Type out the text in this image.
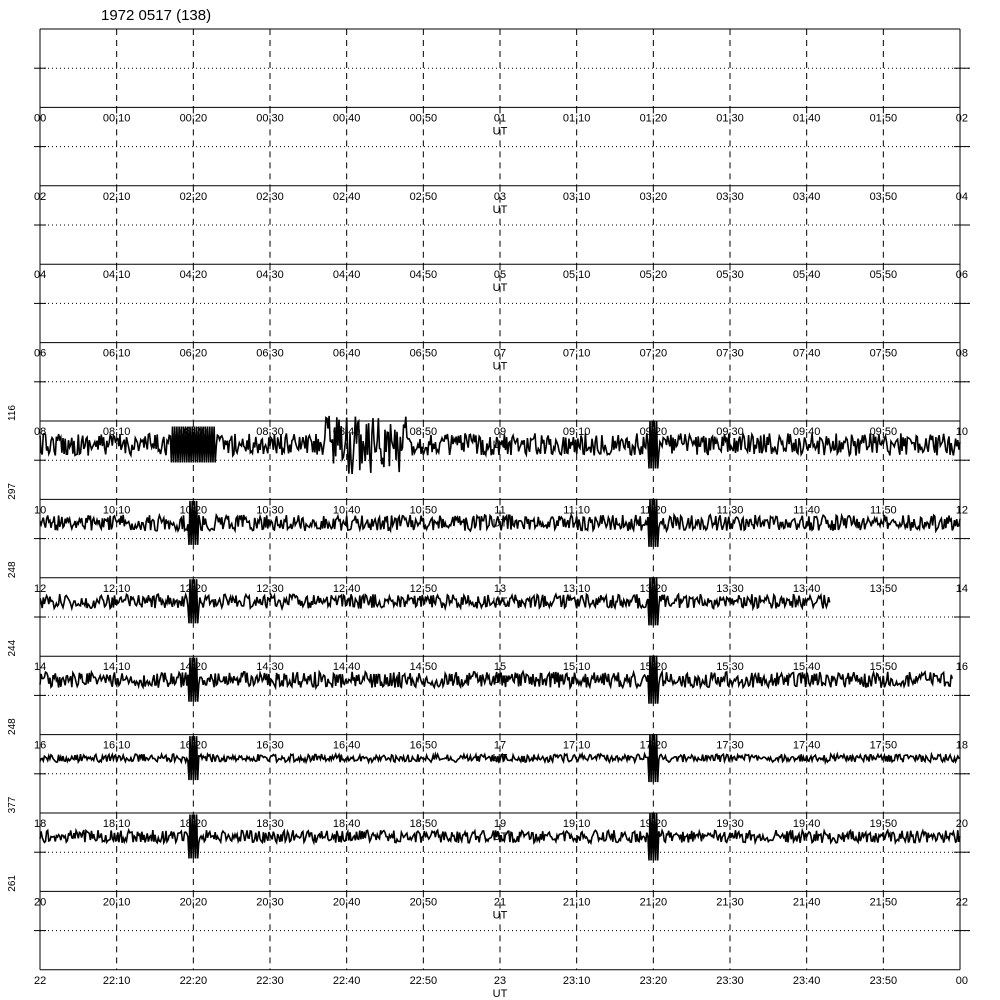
1972 0517 (138)
00	00:10	00:20	00:30	00:40	00:50	01	01:10	01:20	01:30	01:40	01:50	02
UT
02	02:10	02:20	02:30	02:40	02:50	03	03:10	03:20	03:30	03:40	03:50	04
UT
04	04:10	04:20	04:30	04:40	04:50	05	05:10	05:20	05:30	05:40	05:50	06
UT
06	06:10	06:20	06:30	06:40	06:50	07	07:10	07:20	07:30	07:40	07:50	08
UT
08	08:10	08:20	08:30	08:40	08:50	09	09:10	09:20	09:30	09:40	09:50	10
UT
116
10	10:10	10:20	10:30	10:40	10:50	11	11:10	11:20	11:30	11:40	11:50	12
UT
297
12	12:10	12:20	12:30	12:40	12:50	13	13:10	13:20	13:30	13:40	13:50	14
UT
248
14	14:10	14:20	14:30	14:40	14:50	15	15:10	15:20	15:30	15:40	15:50	16
UT
244
16	16:10	16:20	16:30	16:40	16:50	17	17:10	17:20	17:30	17:40	17:50	18
UT
248
18	18:10	18:20	18:30	18:40	18:50	19	19:10	19:20	19:30	19:40	19:50	20
UT
377
20	20:10	20:20	20:30	20:40	20:50	21	21:10	21:20	21:30	21:40	21:50	22
UT
261
22	22:10	22:20	22:30	22:40	22:50	23	23:10	23:20	23:30	23:40	23:50	00
UT
